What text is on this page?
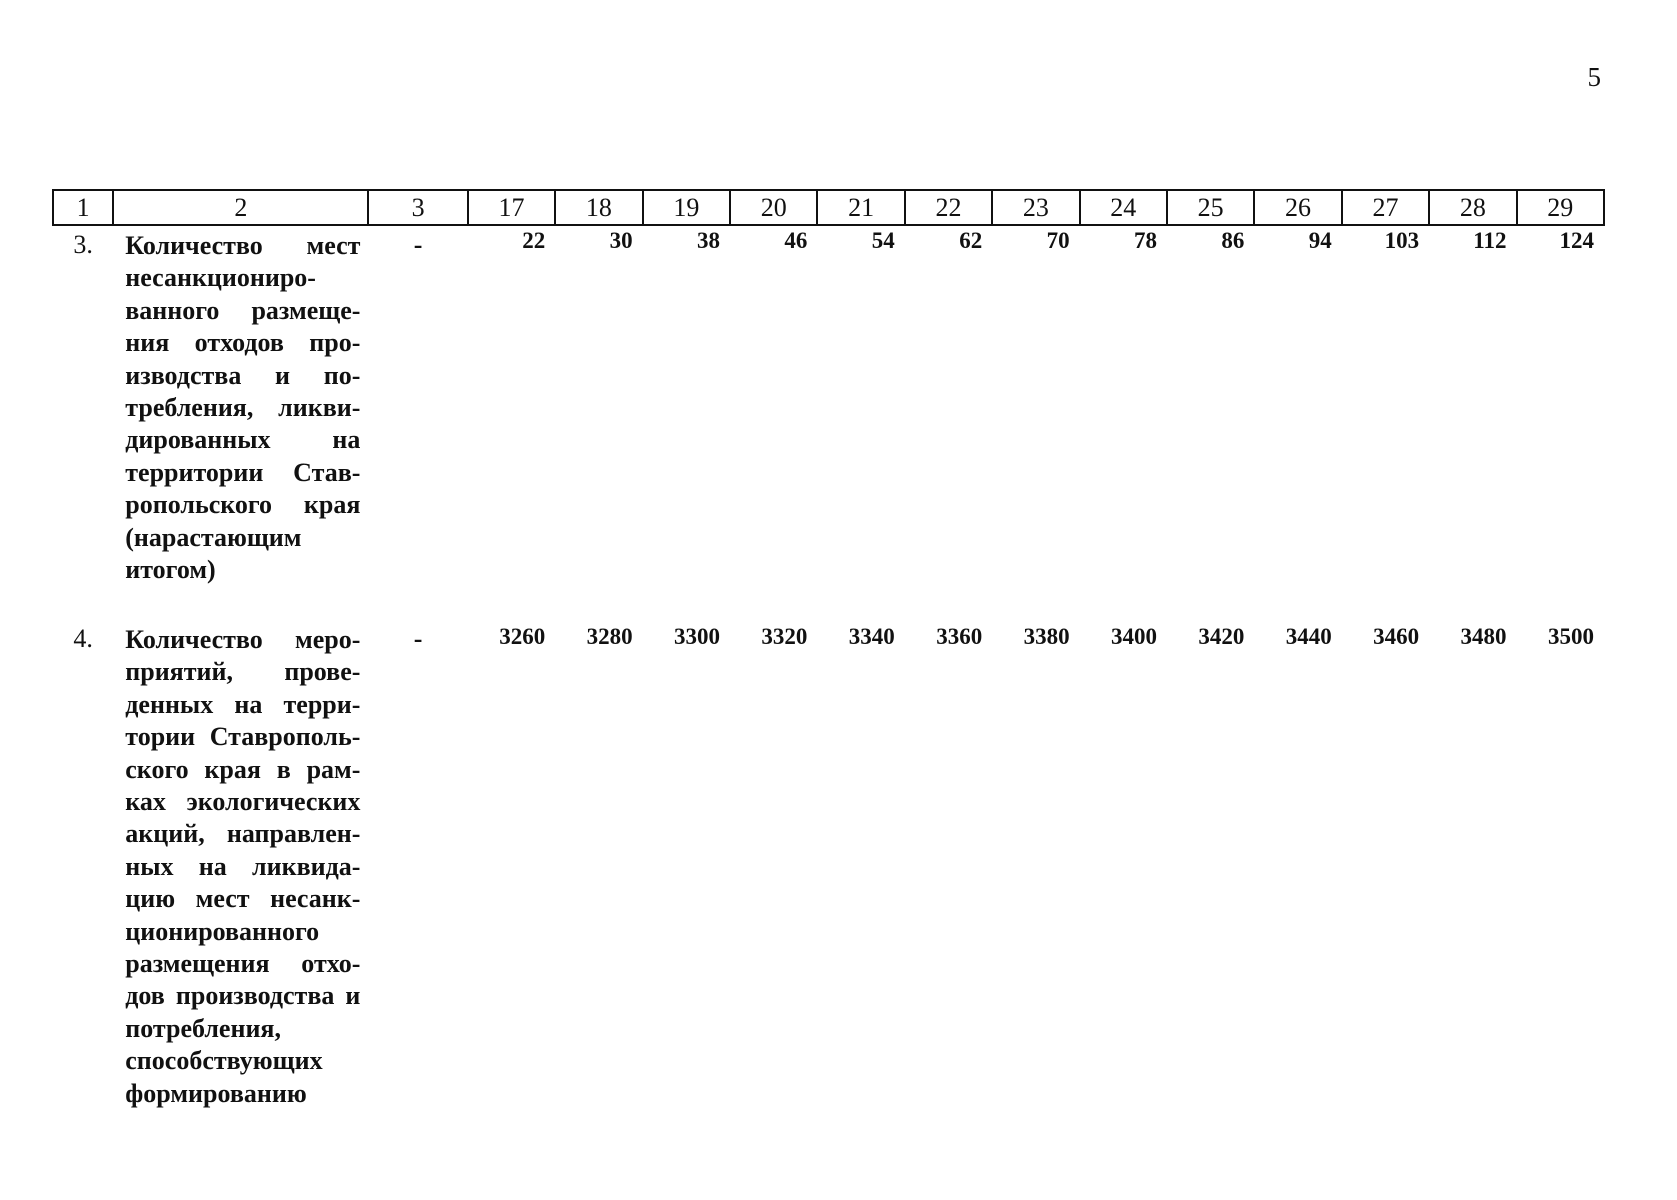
5
1	2	3	17	18	19	20	21	22	23	24	25	26	27	28	29
3.	Количество мест несанкциониро-ванного размеще-ния отходов про-изводства и по-требления, ликви-дированных на территории Став-ропольского края (нарастающим итогом)	-	22	30	38	46	54	62	70	78	86	94	103	112	124
4.	Количество меро-приятий, прове-денных на терри-тории Ставрополь-ского края в рам-ках экологических акций, направлен-ных на ликвида-цию мест несанк-ционированного размещения отхо-дов производства и потребления, способствующих формированию	-	3260	3280	3300	3320	3340	3360	3380	3400	3420	3440	3460	3480	3500
